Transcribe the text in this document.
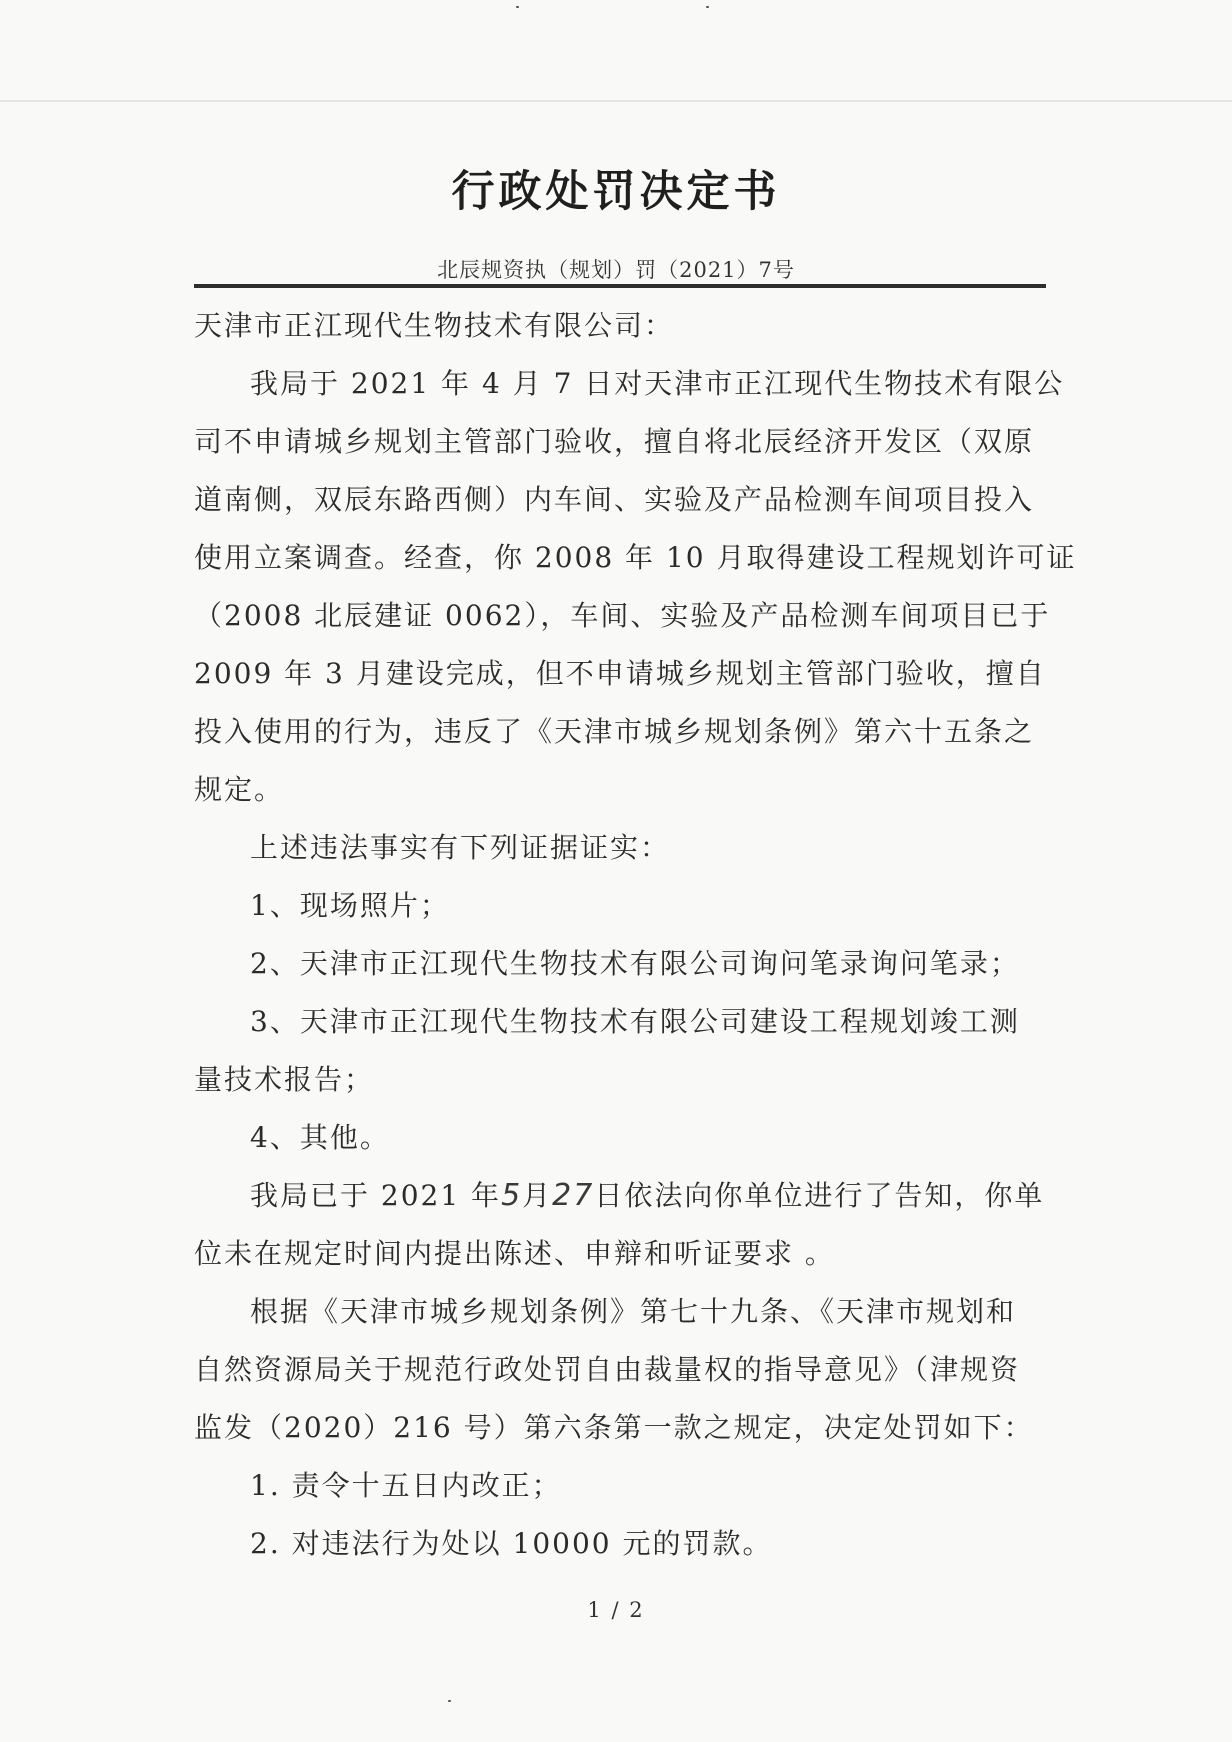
行政处罚决定书
北辰规资执（规划）罚（2021）7号
天津市正江现代生物技术有限公司：
我局于 2021 年 4 月 7 日对天津市正江现代生物技术有限公
司不申请城乡规划主管部门验收，擅自将北辰经济开发区（双原
道南侧，双辰东路西侧）内车间、实验及产品检测车间项目投入
使用立案调查。经查，你 2008 年 10 月取得建设工程规划许可证
（2008 北辰建证 0062），车间、实验及产品检测车间项目已于
2009 年 3 月建设完成，但不申请城乡规划主管部门验收，擅自
投入使用的行为，违反了《天津市城乡规划条例》第六十五条之
规定。
上述违法事实有下列证据证实：
1、现场照片；
2、天津市正江现代生物技术有限公司询问笔录询问笔录；
3、天津市正江现代生物技术有限公司建设工程规划竣工测
量技术报告；
4、其他。
我局已于 2021 年5月27日依法向你单位进行了告知，你单
位未在规定时间内提出陈述、申辩和听证要求 。
根据《天津市城乡规划条例》第七十九条、《天津市规划和
自然资源局关于规范行政处罚自由裁量权的指导意见》（津规资
监发（2020）216 号）第六条第一款之规定，决定处罚如下：
1. 责令十五日内改正；
2. 对违法行为处以 10000 元的罚款。
1 / 2
